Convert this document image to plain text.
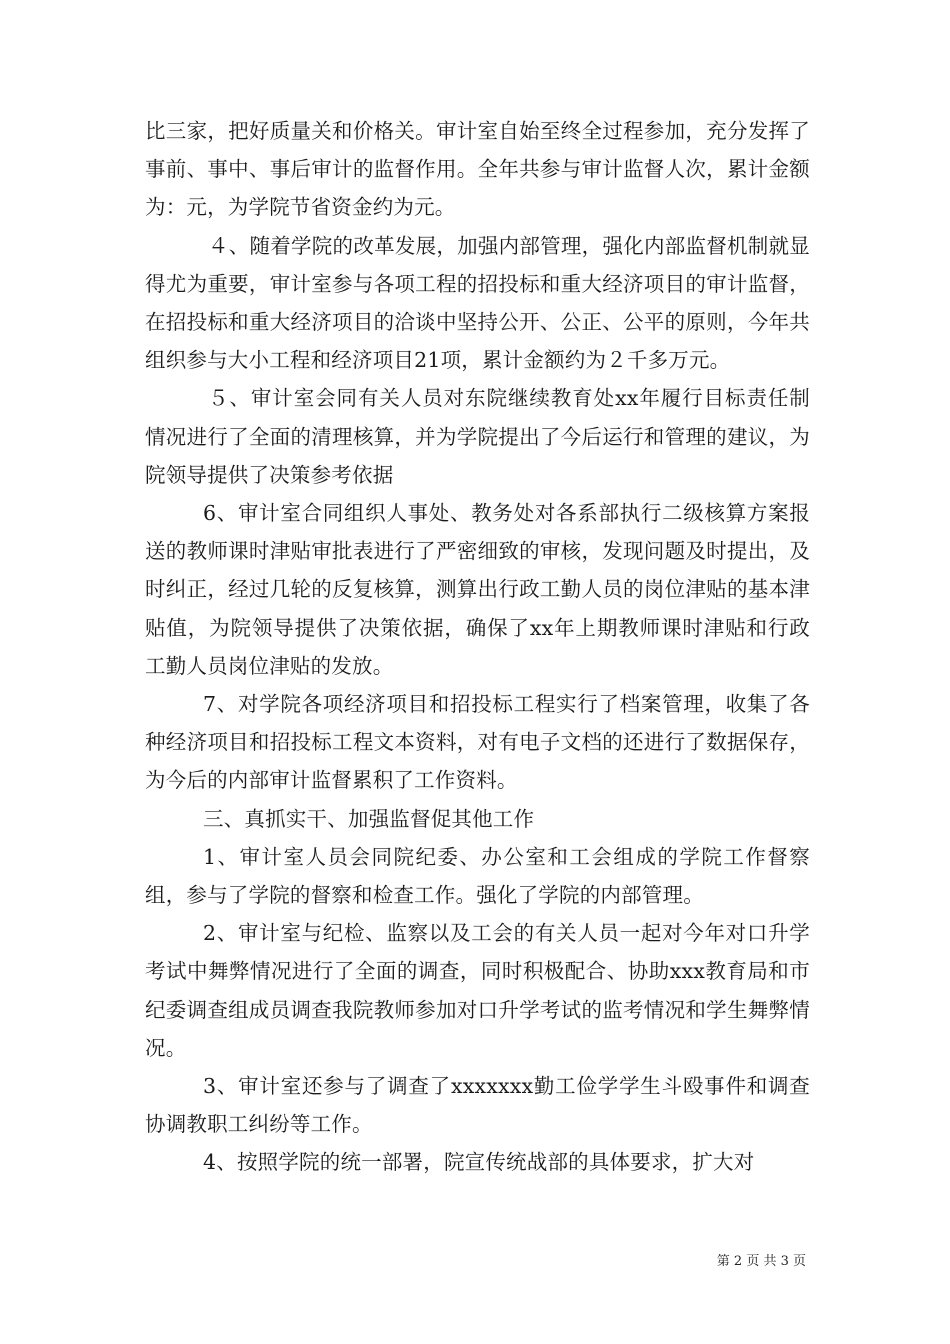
比三家，把好质量关和价格关。审计室自始至终全过程参加，充分发挥了事前、事中、事后审计的监督作用。全年共参与审计监督人次，累计金额为：元，为学院节省资金约为元。

４、随着学院的改革发展，加强内部管理，强化内部监督机制就显得尤为重要，审计室参与各项工程的招投标和重大经济项目的审计监督，在招投标和重大经济项目的洽谈中坚持公开、公正、公平的原则，今年共组织参与大小工程和经济项目21项，累计金额约为２千多万元。

５、审计室会同有关人员对东院继续教育处xx年履行目标责任制情况进行了全面的清理核算，并为学院提出了今后运行和管理的建议，为院领导提供了决策参考依据

6、审计室合同组织人事处、教务处对各系部执行二级核算方案报送的教师课时津贴审批表进行了严密细致的审核，发现问题及时提出，及时纠正，经过几轮的反复核算，测算出行政工勤人员的岗位津贴的基本津贴值，为院领导提供了决策依据，确保了xx年上期教师课时津贴和行政工勤人员岗位津贴的发放。

7、对学院各项经济项目和招投标工程实行了档案管理，收集了各种经济项目和招投标工程文本资料，对有电子文档的还进行了数据保存，为今后的内部审计监督累积了工作资料。

三、真抓实干、加强监督促其他工作

1、审计室人员会同院纪委、办公室和工会组成的学院工作督察组，参与了学院的督察和检查工作。强化了学院的内部管理。

2、审计室与纪检、监察以及工会的有关人员一起对今年对口升学考试中舞弊情况进行了全面的调查，同时积极配合、协助xxx教育局和市纪委调查组成员调查我院教师参加对口升学考试的监考情况和学生舞弊情况。

3、审计室还参与了调查了xxxxxxx勤工俭学学生斗殴事件和调查协调教职工纠纷等工作。

4、按照学院的统一部署，院宣传统战部的具体要求，扩大对

第 2 页 共 3 页
